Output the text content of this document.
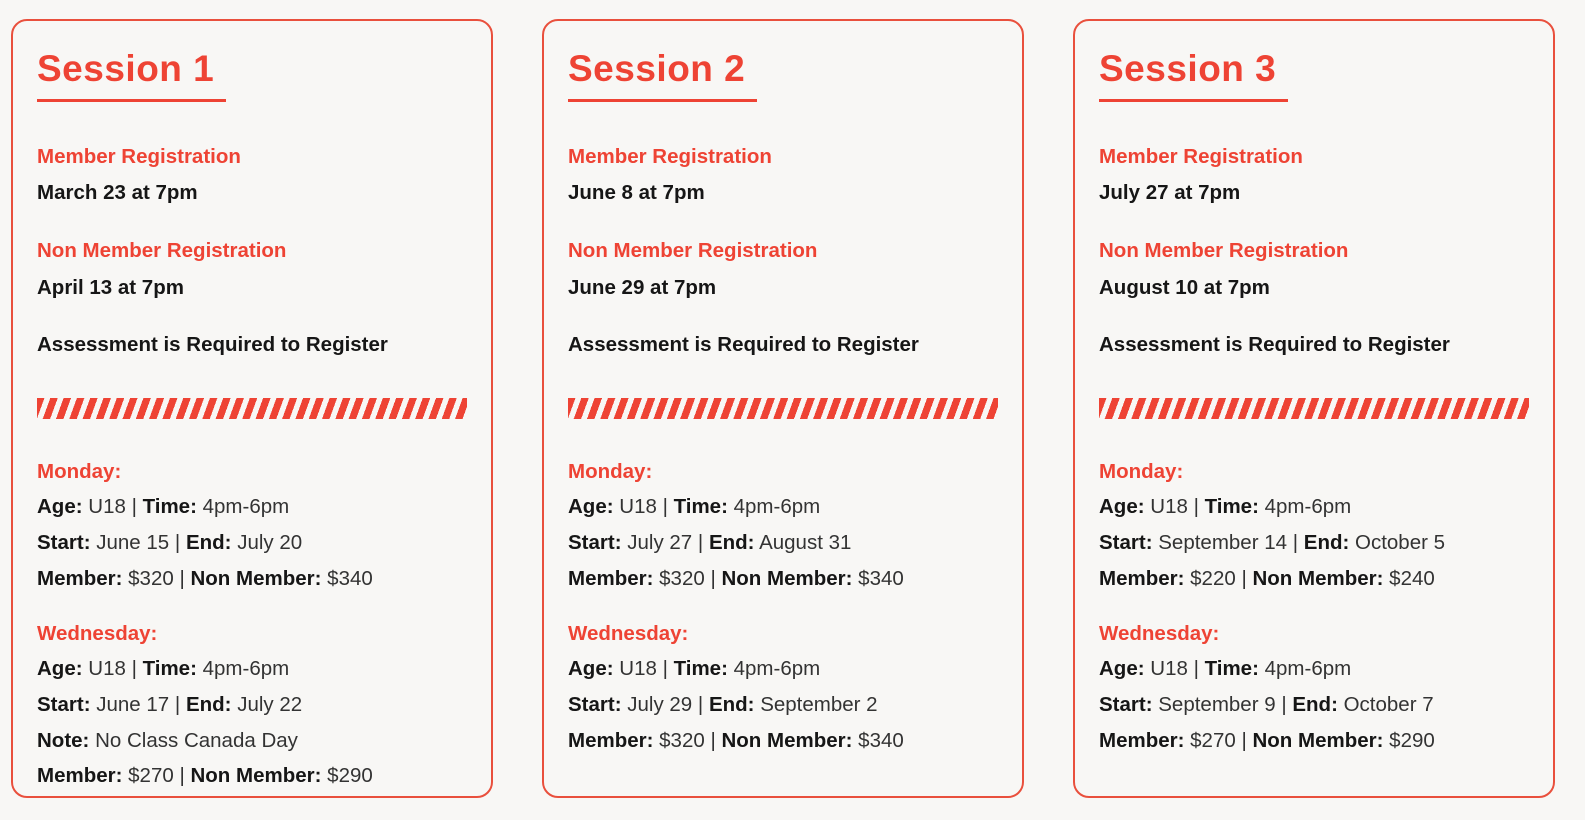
Session 1
Member Registration

March 23 at 7pm

Non Member Registration

April 13 at 7pm

Assessment is Required to Register

Monday:

Age: U18 | Time: 4pm-6pm

Start: June 15 | End: July 20

Member: $320 | Non Member: $340

Wednesday:

Age: U18 | Time: 4pm-6pm

Start: June 17 | End: July 22

Note: No Class Canada Day

Member: $270 | Non Member: $290

Session 2
Member Registration

June 8 at 7pm

Non Member Registration

June 29 at 7pm

Assessment is Required to Register

Monday:

Age: U18 | Time: 4pm-6pm

Start: July 27 | End: August 31

Member: $320 | Non Member: $340

Wednesday:

Age: U18 | Time: 4pm-6pm

Start: July 29 | End: September 2

Member: $320 | Non Member: $340

Session 3
Member Registration

July 27 at 7pm

Non Member Registration

August 10 at 7pm

Assessment is Required to Register

Monday:

Age: U18 | Time: 4pm-6pm

Start: September 14 | End: October 5

Member: $220 | Non Member: $240

Wednesday:

Age: U18 | Time: 4pm-6pm

Start: September 9 | End: October 7

Member: $270 | Non Member: $290
